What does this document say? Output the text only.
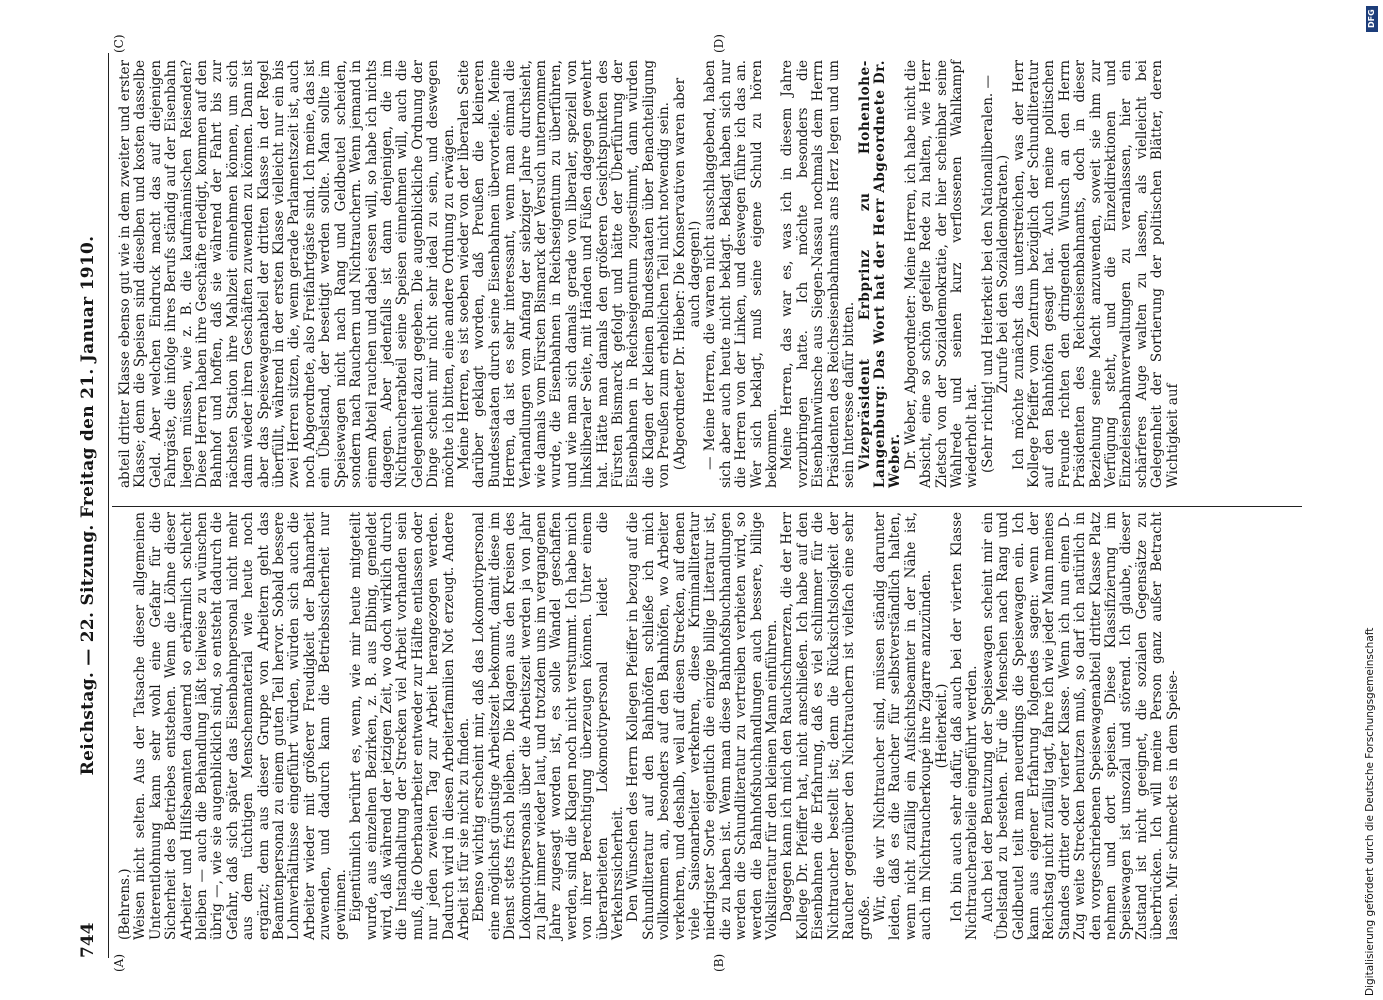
744
Reichstag. — 22. Sitzung. Freitag den 21. Januar 1910.
(A)	(B)
(C)	(D)

(Behrens.) Weisen nicht selten. Aus der Tatsache dieser allgemeinen Unterentlohnung kann sehr wohl eine Gefahr für die Sicherheit des Betriebes entstehen. Wenn die Löhne dieser Arbeiter und Hilfsbeamten dauernd so erbärmlich schlecht bleiben — auch die Behandlung läßt teilweise zu wünschen übrig —, wie sie augenblicklich sind, so entsteht dadurch die Gefahr, daß sich später das Eisenbahnpersonal nicht mehr aus dem tüchtigen Menschenmaterial wie heute noch ergänzt; denn aus dieser Gruppe von Arbeitern geht das Beamtenpersonal zu einem guten Teil hervor. Sobald bessere Lohnverhältnisse eingeführt würden, würden sich auch die Arbeiter wieder mit größerer Freudigkeit der Bahnarbeit zuwenden, und dadurch kann die Betriebssicherheit nur gewinnen. Eigentümlich berührt es, wenn, wie mir heute mitgeteilt wurde, aus einzelnen Bezirken, z. B. aus Elbing, gemeldet wird, daß während der jetzigen Zeit, wo doch wirklich durch die Instandhaltung der Strecken viel Arbeit vorhanden sein muß, die Oberbauarbeiter entweder zur Hälfte entlassen oder nur jeden zweiten Tag zur Arbeit herangezogen werden. Dadurch wird in diesen Arbeiterfamilien Not erzeugt. Andere Arbeit ist für sie nicht zu finden. Ebenso wichtig erscheint mir, daß das Lokomotivpersonal eine möglichst günstige Arbeitszeit bekommt, damit diese im Dienst stets frisch bleiben. Die Klagen aus den Kreisen des Lokomotivpersonals über die Arbeitszeit werden ja von Jahr zu Jahr immer wieder laut, und trotzdem uns im vergangenen Jahre zugesagt worden ist, es solle Wandel geschaffen werden, sind die Klagen noch nicht verstummt. Ich habe mich von ihrer Berechtigung überzeugen können. Unter einem überarbeiteten Lokomotivpersonal leidet die Verkehrssicherheit. Den Wünschen des Herrn Kollegen Pfeiffer in bezug auf die Schundliteratur auf den Bahnhöfen schließe ich mich vollkommen an, besonders auf den Bahnhöfen, wo Arbeiter verkehren, und deshalb, weil auf diesen Strecken, auf denen viele Saisonarbeiter verkehren, diese Kriminalliteratur niedrigster Sorte eigentlich die einzige billige Literatur ist, die zu haben ist. Wenn man diese Bahnhofsbuchhandlungen werden die Schundliteratur zu vertreiben verbieten wird, so werden die Bahnhofsbuchhandlungen auch bessere, billige Volksliteratur für den kleinen Mann einführen. Dagegen kann ich mich den Rauchschmerzen, die der Herr Kollege Dr. Pfeiffer hat, nicht anschließen. Ich habe auf den Eisenbahnen die Erfahrung, daß es viel schlimmer für die Nichtraucher bestellt ist; denn die Rücksichtslosigkeit der Raucher gegenüber den Nichtrauchern ist vielfach eine sehr große. Wir, die wir Nichtraucher sind, müssen ständig darunter leiden, daß es die Raucher für selbstverständlich halten, wenn nicht zufällig ein Aufsichtsbeamter in der Nähe ist, auch im Nichtraucherkoupé ihre Zigarre anzuzünden. (Heiterkeit.) Ich bin auch sehr dafür, daß auch bei der vierten Klasse Nichtraucherabteile eingeführt werden. Auch bei der Benutzung der Speisewagen scheint mir ein Übelstand zu bestehen. Für die Menschen nach Rang und Geldbeutel teilt man neuerdings die Speisewagen ein. Ich kann aus eigener Erfahrung folgendes sagen: wenn der Reichstag nicht zufällig tagt, fahre ich wie jeder Mann meines Standes dritter oder vierter Klasse. Wenn ich nun einen D-Zug weite Strecken benutzen muß, so darf ich natürlich in den vorgeschriebenen Speisewagenabteil dritter Klasse Platz nehmen und dort speisen. Diese Klassifizierung im Speisewagen ist unsozial und störend. Ich glaube, dieser Zustand ist nicht geeignet, die sozialen Gegensätze zu überbrücken. Ich will meine Person ganz außer Betracht lassen. Mir schmeckt es in dem Speise-

abteil dritter Klasse ebenso gut wie in dem zweiter und erster Klasse; denn die Speisen sind dieselben und kosten dasselbe Geld. Aber welchen Eindruck macht das auf diejenigen Fahrgäste, die infolge ihres Berufs ständig auf der Eisenbahn liegen müssen, wie z. B. die kaufmännischen Reisenden? Diese Herren haben ihre Geschäfte erledigt, kommen auf den Bahnhof und hoffen, daß sie während der Fahrt bis zur nächsten Station ihre Mahlzeit einnehmen können, um sich dann wieder ihren Geschäften zuwenden zu können. Dann ist aber das Speisewagenabteil der dritten Klasse in der Regel überfüllt, während in der ersten Klasse vielleicht nur ein bis zwei Herren sitzen, die, wenn gerade Parlamentszeit ist, auch noch Abgeordnete, also Freifahrtgäste sind. Ich meine, das ist ein Übelstand, der beseitigt werden sollte. Man sollte im Speisewagen nicht nach Rang und Geldbeutel scheiden, sondern nach Rauchern und Nichtrauchern. Wenn jemand in einem Abteil rauchen und dabei essen will, so habe ich nichts dagegen. Aber jedenfalls ist dann denjenigen, die im Nichtraucherabteil seine Speisen einnehmen will, auch die Gelegenheit dazu gegeben. Die augenblickliche Ordnung der Dinge scheint mir nicht sehr ideal zu sein, und deswegen möchte ich bitten, eine andere Ordnung zu erwägen. Meine Herren, es ist soeben wieder von der liberalen Seite darüber geklagt worden, daß Preußen die kleineren Bundesstaaten durch seine Eisenbahnen übervorteile. Meine Herren, da ist es sehr interessant, wenn man einmal die Verhandlungen vom Anfang der siebziger Jahre durchsieht, wie damals vom Fürsten Bismarck der Versuch unternommen wurde, die Eisenbahnen in Reichseigentum zu überführen, und wie man sich damals gerade von liberaler, speziell von linksliberaler Seite, mit Händen und Füßen dagegen gewehrt hat. Hätte man damals den größeren Gesichtspunkten des Fürsten Bismarck gefolgt und hätte der Überführung der Eisenbahnen in Reichseigentum zugestimmt, dann würden die Klagen der kleinen Bundesstaaten über Benachteiligung von Preußen zum erheblichen Teil nicht notwendig sein. (Abgeordneter Dr. Hieber: Die Konservativen waren aber auch dagegen!) — Meine Herren, die waren nicht ausschlaggebend, haben sich aber auch heute nicht beklagt. Beklagt haben sich nur die Herren von der Linken, und deswegen führe ich das an. Wer sich beklagt, muß seine eigene Schuld zu hören bekommen. Meine Herren, das war es, was ich in diesem Jahre vorzubringen hatte. Ich möchte besonders die Eisenbahnwünsche aus Siegen-Nassau nochmals dem Herrn Präsidenten des Reichseisenbahnamts ans Herz legen und um sein Interesse dafür bitten. Vizepräsident Erbprinz zu Hohenlohe-Langenburg: Das Wort hat der Herr Abgeordnete Dr. Weber. Dr. Weber, Abgeordneter: Meine Herren, ich habe nicht die Absicht, eine so schön gefeilte Rede zu halten, wie Herr Zietsch von der Sozialdemokratie, der hier scheinbar seine Wahlrede und seinen kurz verflossenen Wahlkampf wiederholt hat. (Sehr richtig! und Heiterkeit bei den Nationalliberalen. — Zurufe bei den Sozialdemokraten.) Ich möchte zunächst das unterstreichen, was der Herr Kollege Pfeiffer vom Zentrum bezüglich der Schundliteratur auf den Bahnhöfen gesagt hat. Auch meine politischen Freunde richten den dringenden Wunsch an den Herrn Präsidenten des Reichseisenbahnamts, doch in dieser Beziehung seine Macht anzuwenden, soweit sie ihm zur Verfügung steht, und die Einzeldirektionen und Einzeleisenbahnverwaltungen zu veranlassen, hier ein schärferes Auge walten zu lassen, als vielleicht bei Gelegenheit der Sortierung der politischen Blätter, deren Wichtigkeit auf

Digitalisierung gefördert durch die Deutsche Forschungsgemeinschaft
DFG
